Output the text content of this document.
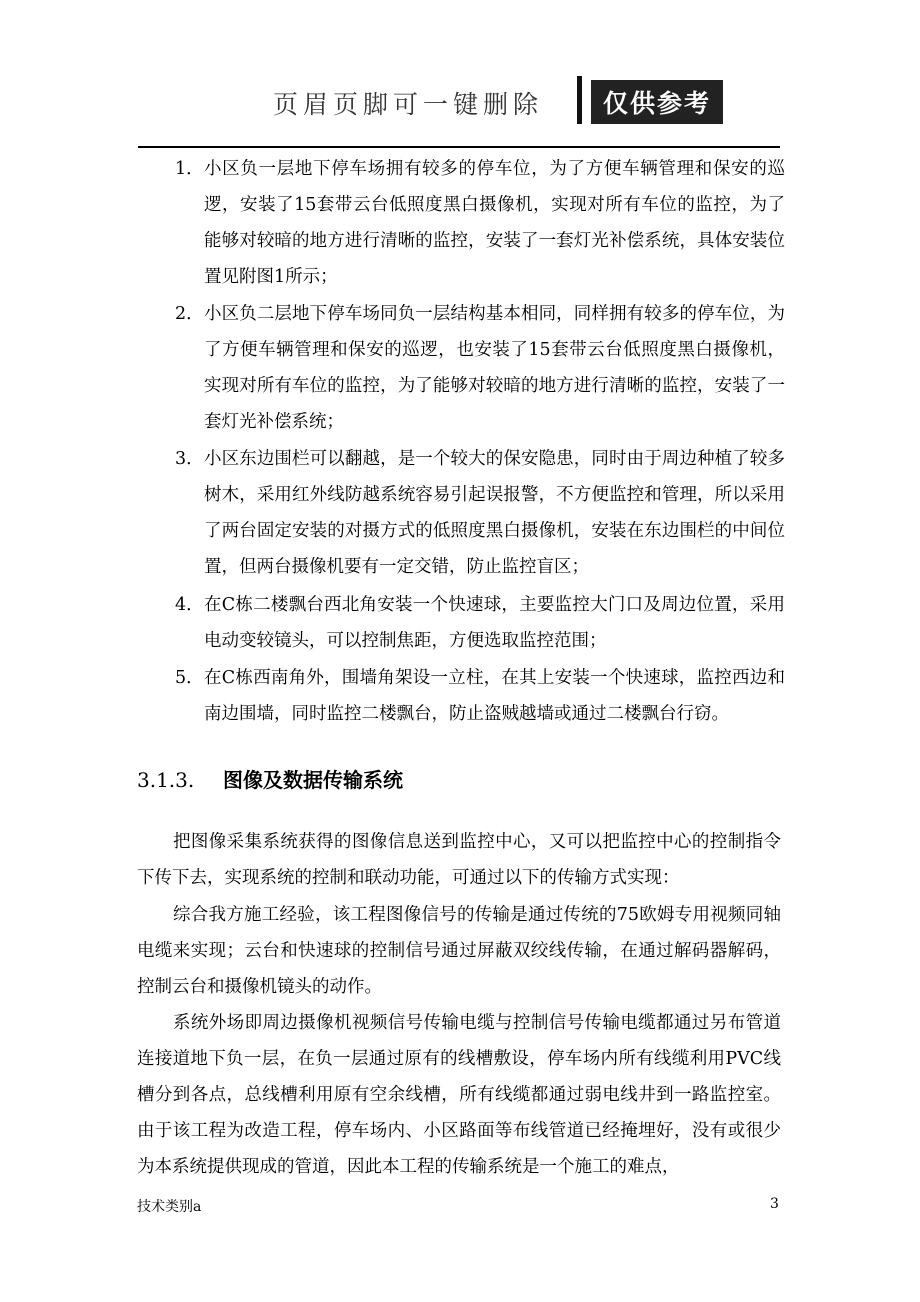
页眉页脚可一键删除	仅供参考
1． 小区负一层地下停车场拥有较多的停车位，为了方便车辆管理和保安的巡逻，安装了15套带云台低照度黑白摄像机，实现对所有车位的监控，为了能够对较暗的地方进行清晰的监控，安装了一套灯光补偿系统，具体安装位置见附图1所示；
2． 小区负二层地下停车场同负一层结构基本相同，同样拥有较多的停车位，为了方便车辆管理和保安的巡逻，也安装了15套带云台低照度黑白摄像机，实现对所有车位的监控，为了能够对较暗的地方进行清晰的监控，安装了一套灯光补偿系统；
3． 小区东边围栏可以翻越，是一个较大的保安隐患，同时由于周边种植了较多树木，采用红外线防越系统容易引起误报警，不方便监控和管理，所以采用了两台固定安装的对摄方式的低照度黑白摄像机，安装在东边围栏的中间位置，但两台摄像机要有一定交错，防止监控盲区；
4． 在C栋二楼飘台西北角安装一个快速球，主要监控大门口及周边位置，采用电动变较镜头，可以控制焦距，方便选取监控范围；
5． 在C栋西南角外，围墙角架设一立柱，在其上安装一个快速球，监控西边和南边围墙，同时监控二楼飘台，防止盗贼越墙或通过二楼飘台行窃。
3.1.3. 图像及数据传输系统
把图像采集系统获得的图像信息送到监控中心，又可以把监控中心的控制指令下传下去，实现系统的控制和联动功能，可通过以下的传输方式实现：
综合我方施工经验，该工程图像信号的传输是通过传统的75欧姆专用视频同轴电缆来实现；云台和快速球的控制信号通过屏蔽双绞线传输，在通过解码器解码，控制云台和摄像机镜头的动作。
系统外场即周边摄像机视频信号传输电缆与控制信号传输电缆都通过另布管道连接道地下负一层，在负一层通过原有的线槽敷设，停车场内所有线缆利用PVC线槽分到各点，总线槽利用原有空余线槽，所有线缆都通过弱电线井到一路监控室。由于该工程为改造工程，停车场内、小区路面等布线管道已经掩埋好，没有或很少为本系统提供现成的管道，因此本工程的传输系统是一个施工的难点，
技术类别a	3
